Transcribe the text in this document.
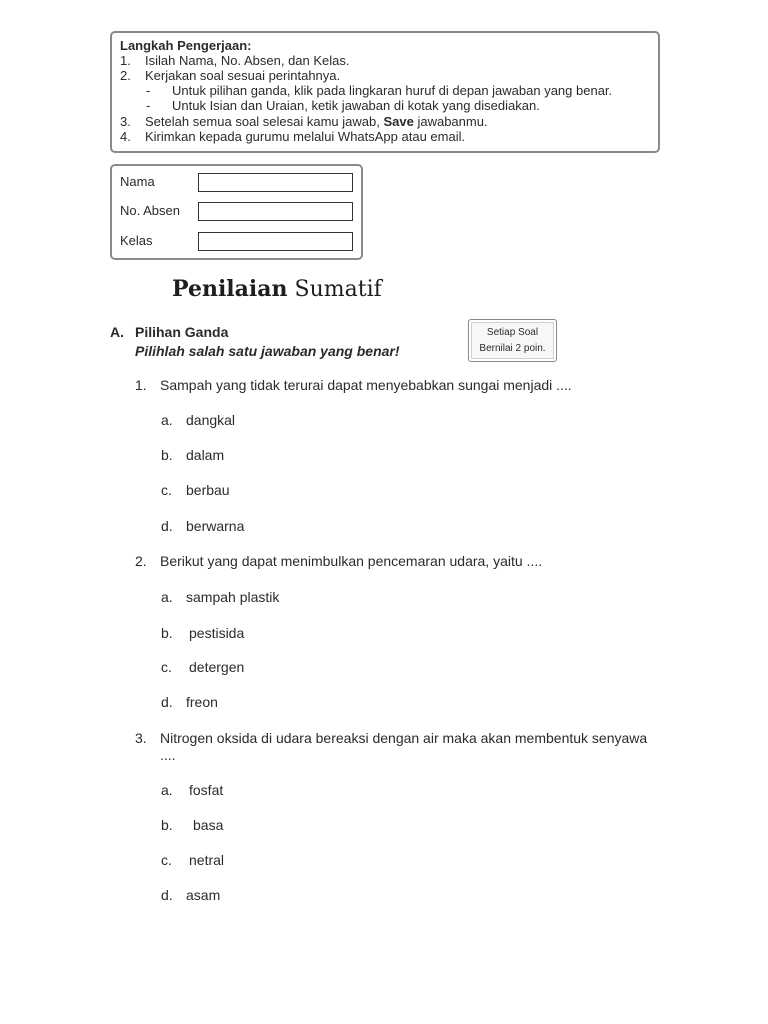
Langkah Pengerjaan:
1. Isilah Nama, No. Absen, dan Kelas.
2. Kerjakan soal sesuai perintahnya.
- Untuk pilihan ganda, klik pada lingkaran huruf di depan jawaban yang benar.
- Untuk Isian dan Uraian, ketik jawaban di kotak yang disediakan.
3. Setelah semua soal selesai kamu jawab, Save jawabanmu.
4. Kirimkan kepada gurumu melalui WhatsApp atau email.
Nama
No. Absen
Kelas
Penilaian Sumatif
A. Pilihan Ganda
Pilihlah salah satu jawaban yang benar!
Setiap Soal
Bernilai 2 poin.
1. Sampah yang tidak terurai dapat menyebabkan sungai menjadi ....
a. dangkal
b. dalam
c. berbau
d. berwarna
2. Berikut yang dapat menimbulkan pencemaran udara, yaitu ....
a. sampah plastik
b. pestisida
c. detergen
d. freon
3. Nitrogen oksida di udara bereaksi dengan air maka akan membentuk senyawa
....
a. fosfat
b. basa
c. netral
d. asam
